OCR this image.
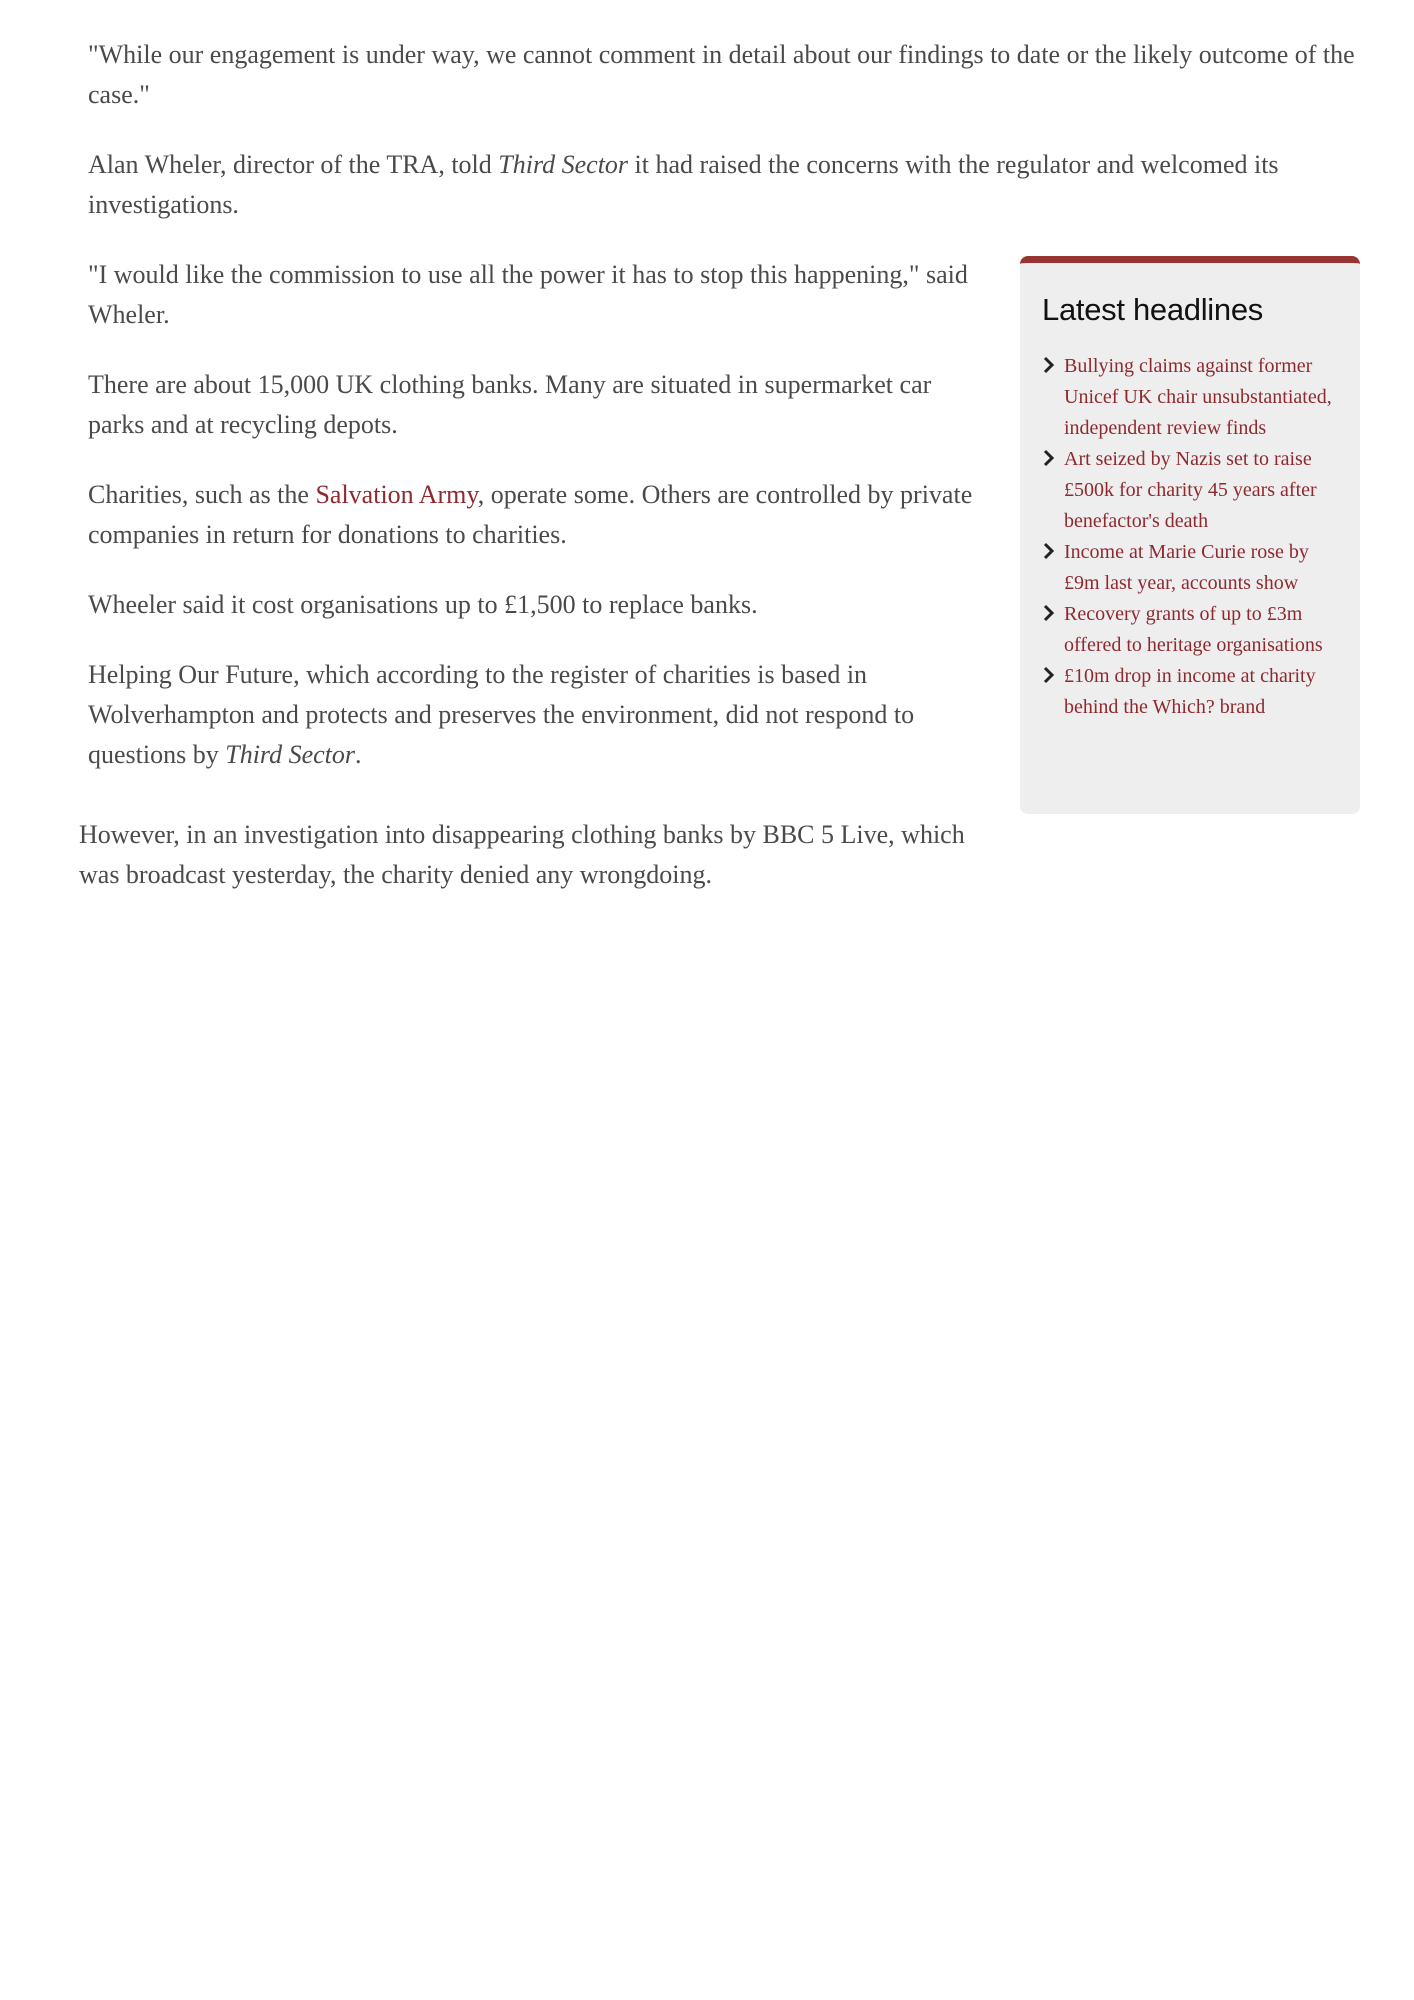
"While our engagement is under way, we cannot comment in detail about our findings to date or the likely outcome of the case."

Alan Wheler, director of the TRA, told Third Sector it had raised the concerns with the regulator and welcomed its investigations.

"I would like the commission to use all the power it has to stop this happening," said Wheler.

There are about 15,000 UK clothing banks. Many are situated in supermarket car parks and at recycling depots.

Charities, such as the Salvation Army, operate some. Others are controlled by private companies in return for donations to charities.

Wheeler said it cost organisations up to £1,500 to replace banks.

Helping Our Future, which according to the register of charities is based in Wolverhampton and protects and preserves the environment, did not respond to questions by Third Sector.

However, in an investigation into disappearing clothing banks by BBC 5 Live, which was broadcast yesterday, the charity denied any wrongdoing.

Latest headlines
Bullying claims against former Unicef UK chair unsubstantiated, independent review finds
Art seized by Nazis set to raise £500k for charity 45 years after benefactor's death
Income at Marie Curie rose by £9m last year, accounts show
Recovery grants of up to £3m offered to heritage organisations
£10m drop in income at charity behind the Which? brand
